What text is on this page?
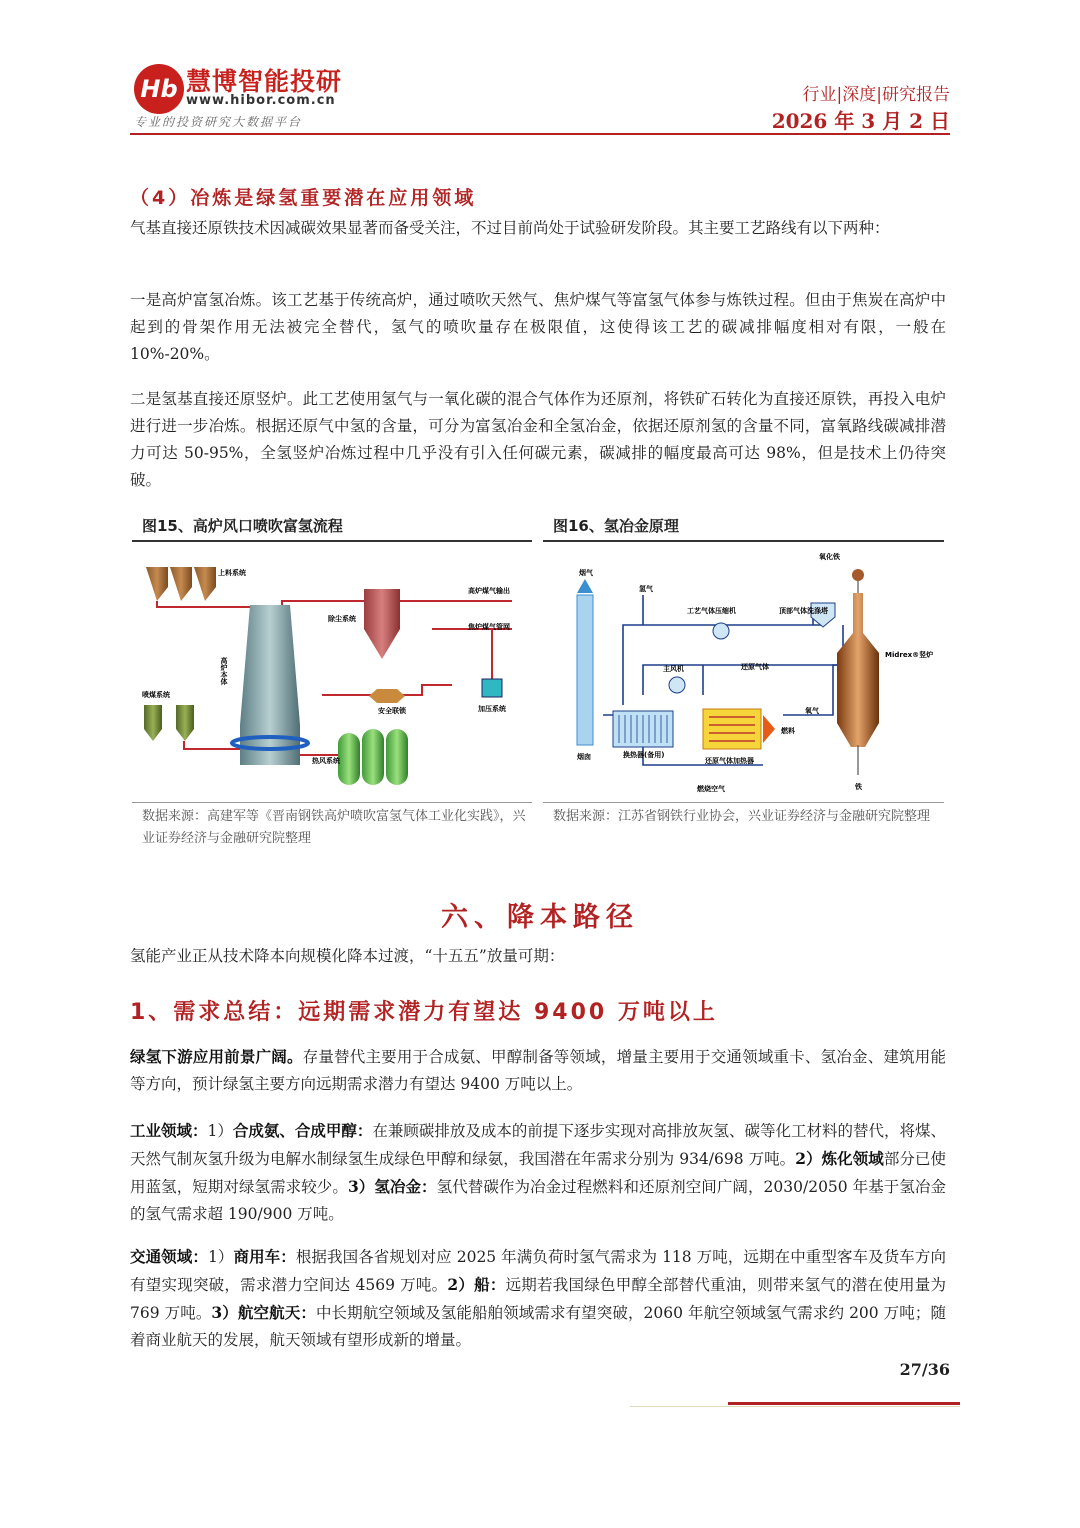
Hb 慧博智能投研
www.hibor.com.cn
专业的投资研究大数据平台
行业|深度|研究报告
2026 年 3 月 2 日
（4）冶炼是绿氢重要潜在应用领域
气基直接还原铁技术因减碳效果显著而备受关注，不过目前尚处于试验研发阶段。其主要工艺路线有以下两种：
一是高炉富氢冶炼。该工艺基于传统高炉，通过喷吹天然气、焦炉煤气等富氢气体参与炼铁过程。但由于焦炭在高炉中起到的骨架作用无法被完全替代，氢气的喷吹量存在极限值，这使得该工艺的碳减排幅度相对有限，一般在 10%-20%。
二是氢基直接还原竖炉。此工艺使用氢气与一氧化碳的混合气体作为还原剂，将铁矿石转化为直接还原铁，再投入电炉进行进一步冶炼。根据还原气中氢的含量，可分为富氢冶金和全氢冶金，依据还原剂氢的含量不同，富氧路线碳减排潜力可达 50-95%，全氢竖炉冶炼过程中几乎没有引入任何碳元素，碳减排的幅度最高可达 98%，但是技术上仍待突破。
图15、高炉风口喷吹富氢流程
上料系统
高炉煤气输出
除尘系统
焦炉煤气管网
高炉本体
安全联锁	加压系统
喷煤系统
热风系统
数据来源：高建军等《晋南钢铁高炉喷吹富氢气体工业化实践》，兴业证券经济与金融研究院整理
图16、氢冶金原理
烟气
烟囱
氢气
工艺气体压缩机	顶部气体洗涤塔
主风机
换热器(备用)
还原气体加热器
燃料
还原气体
燃烧空气
氧化铁
Midrex®竖炉
氧气
铁
数据来源：江苏省钢铁行业协会，兴业证券经济与金融研究院整理
六、降本路径
氢能产业正从技术降本向规模化降本过渡，“十五五”放量可期：
1、需求总结：远期需求潜力有望达 9400 万吨以上
绿氢下游应用前景广阔。存量替代主要用于合成氨、甲醇制备等领域，增量主要用于交通领域重卡、氢冶金、建筑用能等方向，预计绿氢主要方向远期需求潜力有望达 9400 万吨以上。
工业领域：1）合成氨、合成甲醇：在兼顾碳排放及成本的前提下逐步实现对高排放灰氢、碳等化工材料的替代，将煤、天然气制灰氢升级为电解水制绿氢生成绿色甲醇和绿氨，我国潜在年需求分别为 934/698 万吨。2）炼化领域部分已使用蓝氢，短期对绿氢需求较少。3）氢冶金：氢代替碳作为冶金过程燃料和还原剂空间广阔，2030/2050 年基于氢冶金的氢气需求超 190/900 万吨。
交通领域：1）商用车：根据我国各省规划对应 2025 年满负荷时氢气需求为 118 万吨，远期在中重型客车及货车方向有望实现突破，需求潜力空间达 4569 万吨。2）船：远期若我国绿色甲醇全部替代重油，则带来氢气的潜在使用量为 769 万吨。3）航空航天：中长期航空领域及氢能船舶领域需求有望突破，2060 年航空领域氢气需求约 200 万吨；随着商业航天的发展，航天领域有望形成新的增量。
27/36
